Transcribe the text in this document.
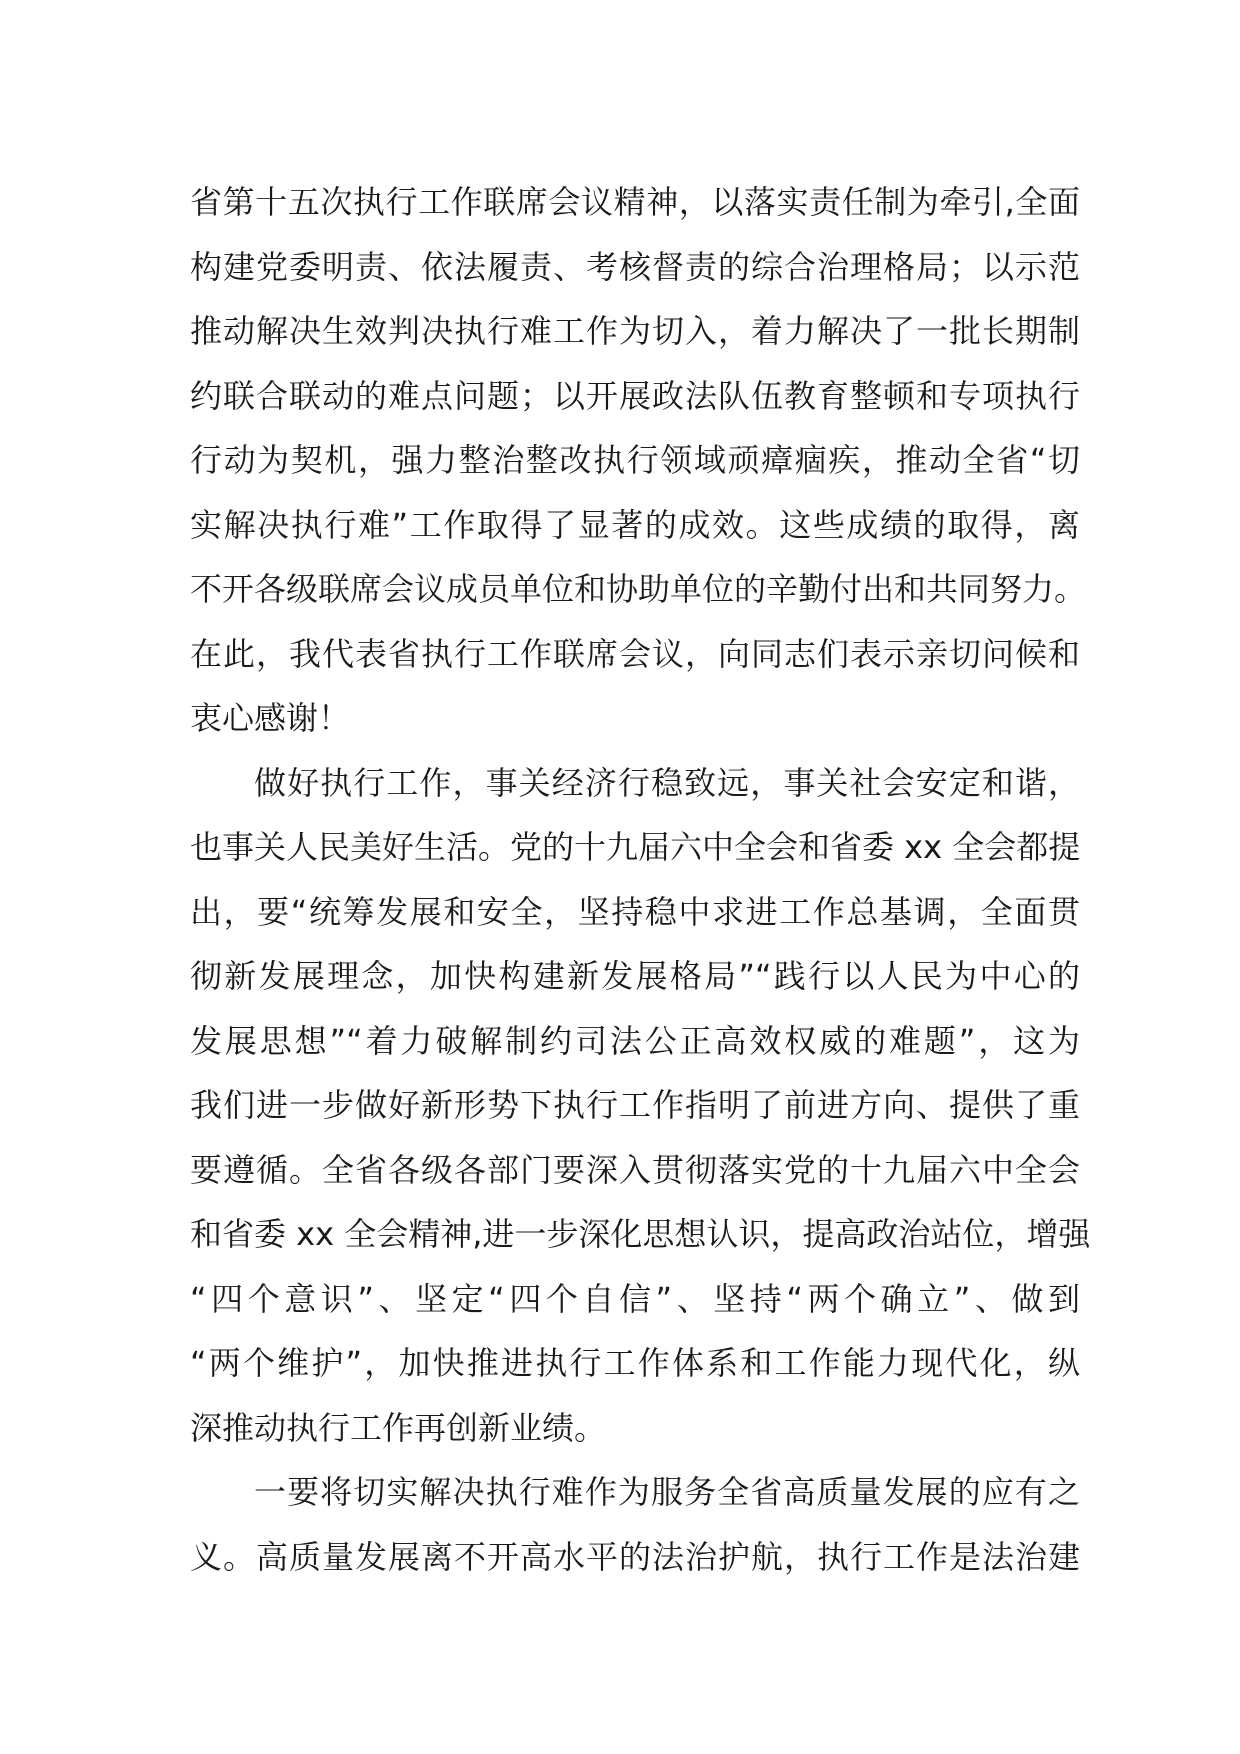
省第十五次执行工作联席会议精神，以落实责任制为牵引,全面
构建党委明责、依法履责、考核督责的综合治理格局；以示范
推动解决生效判决执行难工作为切入，着力解决了一批长期制
约联合联动的难点问题；以开展政法队伍教育整顿和专项执行
行动为契机，强力整治整改执行领域顽瘴痼疾，推动全省“切
实解决执行难”工作取得了显著的成效。这些成绩的取得，离
不开各级联席会议成员单位和协助单位的辛勤付出和共同努力。
在此，我代表省执行工作联席会议，向同志们表示亲切问候和
衷心感谢！
做好执行工作，事关经济行稳致远，事关社会安定和谐，
也事关人民美好生活。党的十九届六中全会和省委 xx 全会都提
出，要“统筹发展和安全，坚持稳中求进工作总基调，全面贯
彻新发展理念，加快构建新发展格局”“践行以人民为中心的
发展思想”“着力破解制约司法公正高效权威的难题”，这为
我们进一步做好新形势下执行工作指明了前进方向、提供了重
要遵循。全省各级各部门要深入贯彻落实党的十九届六中全会
和省委 xx 全会精神,进一步深化思想认识，提高政治站位，增强
“四个意识”、坚定“四个自信”、坚持“两个确立”、做到
“两个维护”，加快推进执行工作体系和工作能力现代化，纵
深推动执行工作再创新业绩。
一要将切实解决执行难作为服务全省高质量发展的应有之
义。高质量发展离不开高水平的法治护航，执行工作是法治建
